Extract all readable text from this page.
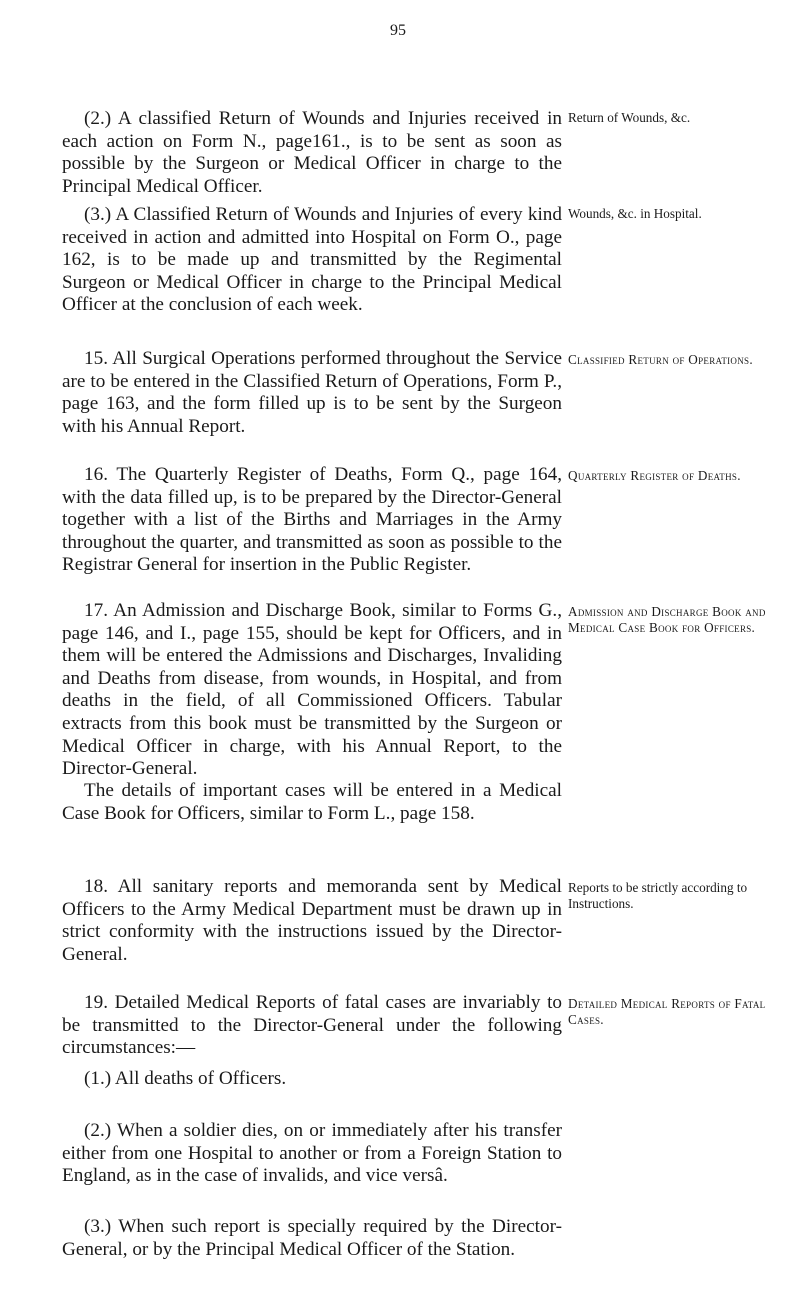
95
(2.) A classified Return of Wounds and Injuries received in each action on Form N., page161., is to be sent as soon as possible by the Surgeon or Medical Officer in charge to the Principal Medical Officer.
Return of Wounds, &c.
(3.) A Classified Return of Wounds and Injuries of every kind received in action and admitted into Hospital on Form O., page 162, is to be made up and transmitted by the Regimental Surgeon or Medical Officer in charge to the Principal Medical Officer at the conclusion of each week.
Wounds, &c. in Hospital.
15. All Surgical Operations performed throughout the Service are to be entered in the Classified Return of Operations, Form P., page 163, and the form filled up is to be sent by the Surgeon with his Annual Report.
Classified Return of Operations.
16. The Quarterly Register of Deaths, Form Q., page 164, with the data filled up, is to be prepared by the Director-General together with a list of the Births and Marriages in the Army throughout the quarter, and transmitted as soon as possible to the Registrar General for insertion in the Public Register.
Quarterly Register of Deaths.
17. An Admission and Discharge Book, similar to Forms G., page 146, and I., page 155, should be kept for Officers, and in them will be entered the Admissions and Discharges, Invaliding and Deaths from disease, from wounds, in Hospital, and from deaths in the field, of all Commissioned Officers. Tabular extracts from this book must be transmitted by the Surgeon or Medical Officer in charge, with his Annual Report, to the Director-General.
The details of important cases will be entered in a Medical Case Book for Officers, similar to Form L., page 158.
Admission and Discharge Book and Medical Case Book for Officers.
18. All sanitary reports and memoranda sent by Medical Officers to the Army Medical Department must be drawn up in strict conformity with the instructions issued by the Director-General.
Reports to be strictly according to Instructions.
19. Detailed Medical Reports of fatal cases are invariably to be transmitted to the Director-General under the following circumstances:—
Detailed Medical Reports of Fatal Cases.
(1.) All deaths of Officers.
(2.) When a soldier dies, on or immediately after his transfer either from one Hospital to another or from a Foreign Station to England, as in the case of invalids, and vice versâ.
(3.) When such report is specially required by the Director-General, or by the Principal Medical Officer of the Station.
